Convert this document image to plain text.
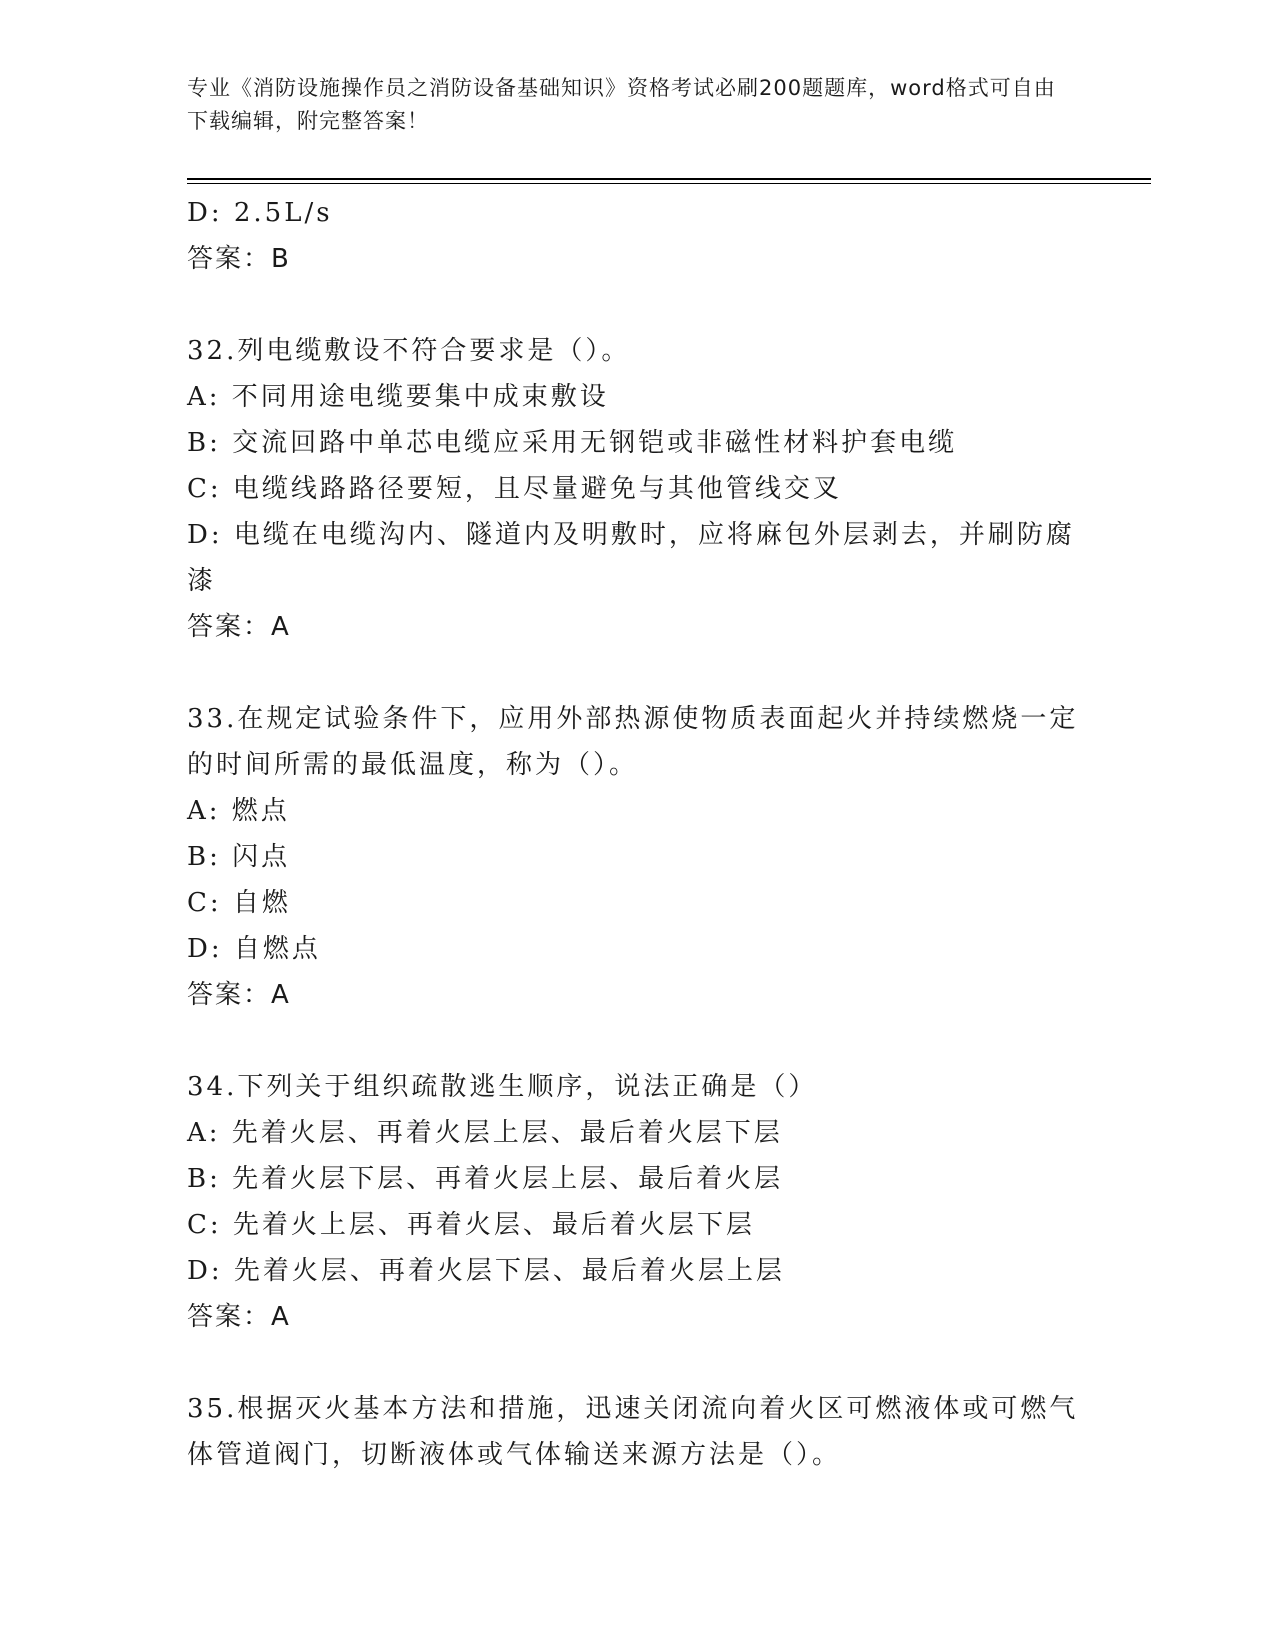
专业《消防设施操作员之消防设备基础知识》资格考试必刷200题题库，word格式可自由下载编辑，附完整答案！

D: 2.5L/s

答案：B

32.列电缆敷设不符合要求是（）。

A: 不同用途电缆要集中成束敷设

B: 交流回路中单芯电缆应采用无钢铠或非磁性材料护套电缆

C: 电缆线路路径要短，且尽量避免与其他管线交叉

D: 电缆在电缆沟内、隧道内及明敷时，应将麻包外层剥去，并刷防腐漆

答案：A

33.在规定试验条件下，应用外部热源使物质表面起火并持续燃烧一定的时间所需的最低温度，称为（）。

A: 燃点

B: 闪点

C: 自燃

D: 自燃点

答案：A

34.下列关于组织疏散逃生顺序，说法正确是（）

A: 先着火层、再着火层上层、最后着火层下层

B: 先着火层下层、再着火层上层、最后着火层

C: 先着火上层、再着火层、最后着火层下层

D: 先着火层、再着火层下层、最后着火层上层

答案：A

35.根据灭火基本方法和措施，迅速关闭流向着火区可燃液体或可燃气体管道阀门，切断液体或气体输送来源方法是（）。
